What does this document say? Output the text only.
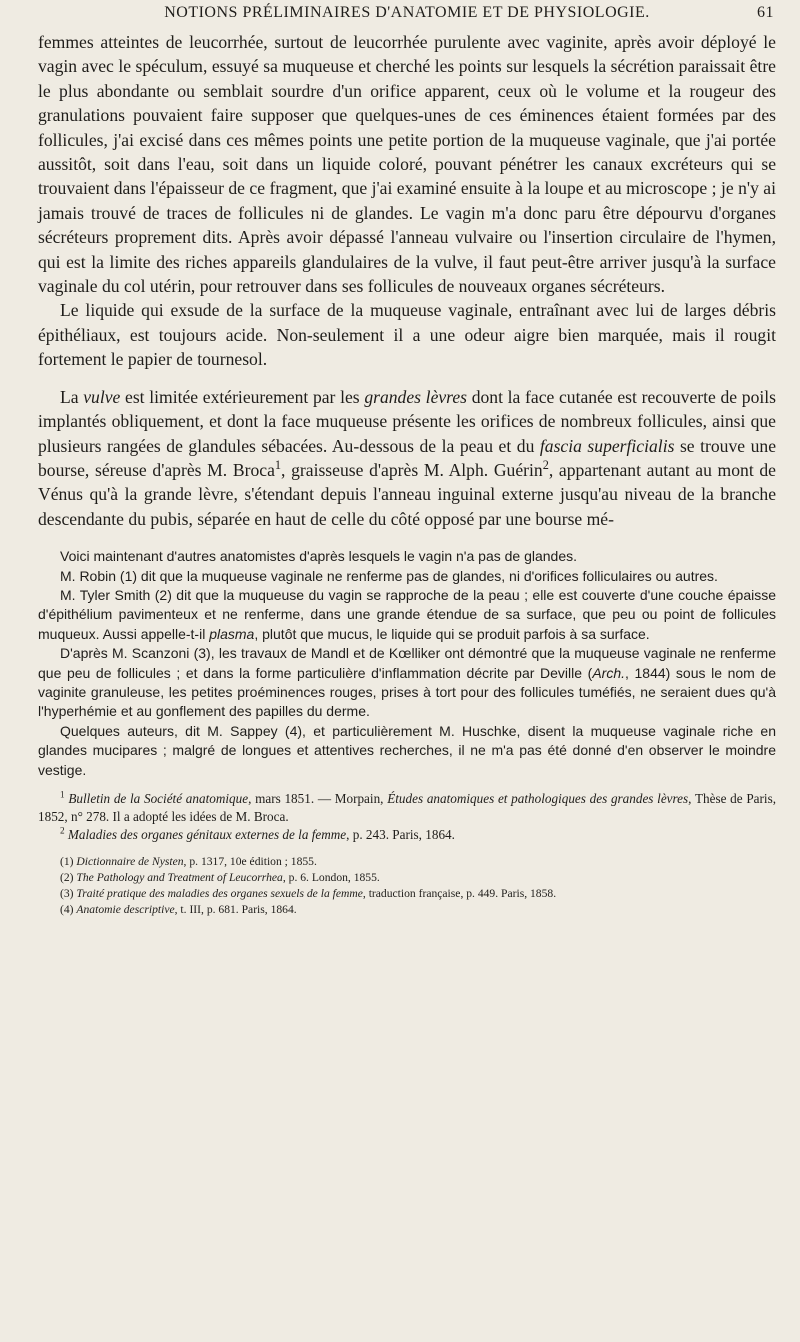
NOTIONS PRÉLIMINAIRES D'ANATOMIE ET DE PHYSIOLOGIE.	61

femmes atteintes de leucorrhée, surtout de leucorrhée purulente avec vaginite, après avoir déployé le vagin avec le spéculum, essuyé sa muqueuse et cherché les points sur lesquels la sécrétion paraissait être le plus abondante ou semblait sourdre d'un orifice apparent, ceux où le volume et la rougeur des granulations pouvaient faire supposer que quelques-unes de ces éminences étaient formées par des follicules, j'ai excisé dans ces mêmes points une petite portion de la muqueuse vaginale, que j'ai portée aussitôt, soit dans l'eau, soit dans un liquide coloré, pouvant pénétrer les canaux excréteurs qui se trouvaient dans l'épaisseur de ce fragment, que j'ai examiné ensuite à la loupe et au microscope ; je n'y ai jamais trouvé de traces de follicules ni de glandes. Le vagin m'a donc paru être dépourvu d'organes sécréteurs proprement dits. Après avoir dépassé l'anneau vulvaire ou l'insertion circulaire de l'hymen, qui est la limite des riches appareils glandulaires de la vulve, il faut peut-être arriver jusqu'à la surface vaginale du col utérin, pour retrouver dans ses follicules de nouveaux organes sécréteurs.

Le liquide qui exsude de la surface de la muqueuse vaginale, entraînant avec lui de larges débris épithéliaux, est toujours acide. Non-seulement il a une odeur aigre bien marquée, mais il rougit fortement le papier de tournesol.

La vulve est limitée extérieurement par les grandes lèvres dont la face cutanée est recouverte de poils implantés obliquement, et dont la face muqueuse présente les orifices de nombreux follicules, ainsi que plusieurs rangées de glandules sébacées. Au-dessous de la peau et du fascia superficialis se trouve une bourse, séreuse d'après M. Broca$^1$, graisseuse d'après M. Alph. Guérin$^2$, appartenant autant au mont de Vénus qu'à la grande lèvre, s'étendant depuis l'anneau inguinal externe jusqu'au niveau de la branche descendante du pubis, séparée en haut de celle du côté opposé par une bourse mé-

Voici maintenant d'autres anatomistes d'après lesquels le vagin n'a pas de glandes.

M. Robin (1) dit que la muqueuse vaginale ne renferme pas de glandes, ni d'orifices folliculaires ou autres.

M. Tyler Smith (2) dit que la muqueuse du vagin se rapproche de la peau ; elle est couverte d'une couche épaisse d'épithélium pavimenteux et ne renferme, dans une grande étendue de sa surface, que peu ou point de follicules muqueux. Aussi appelle-t-il plasma, plutôt que mucus, le liquide qui se produit parfois à sa surface.

D'après M. Scanzoni (3), les travaux de Mandl et de Kœlliker ont démontré que la muqueuse vaginale ne renferme que peu de follicules ; et dans la forme particulière d'inflammation décrite par Deville (Arch., 1844) sous le nom de vaginite granuleuse, les petites proéminences rouges, prises à tort pour des follicules tuméfiés, ne seraient dues qu'à l'hyperhémie et au gonflement des papilles du derme.

Quelques auteurs, dit M. Sappey (4), et particulièrement M. Huschke, disent la muqueuse vaginale riche en glandes mucipares ; malgré de longues et attentives recherches, il ne m'a pas été donné d'en observer le moindre vestige.

$^1$ Bulletin de la Société anatomique, mars 1851. — Morpain, Études anatomiques et pathologiques des grandes lèvres, Thèse de Paris, 1852, n° 278. Il a adopté les idées de M. Broca.

$^2$ Maladies des organes génitaux externes de la femme, p. 243. Paris, 1864.

(1) Dictionnaire de Nysten, p. 1317, 10e édition ; 1855.

(2) The Pathology and Treatment of Leucorrhea, p. 6. London, 1855.

(3) Traité pratique des maladies des organes sexuels de la femme, traduction française, p. 449. Paris, 1858.

(4) Anatomie descriptive, t. III, p. 681. Paris, 1864.
